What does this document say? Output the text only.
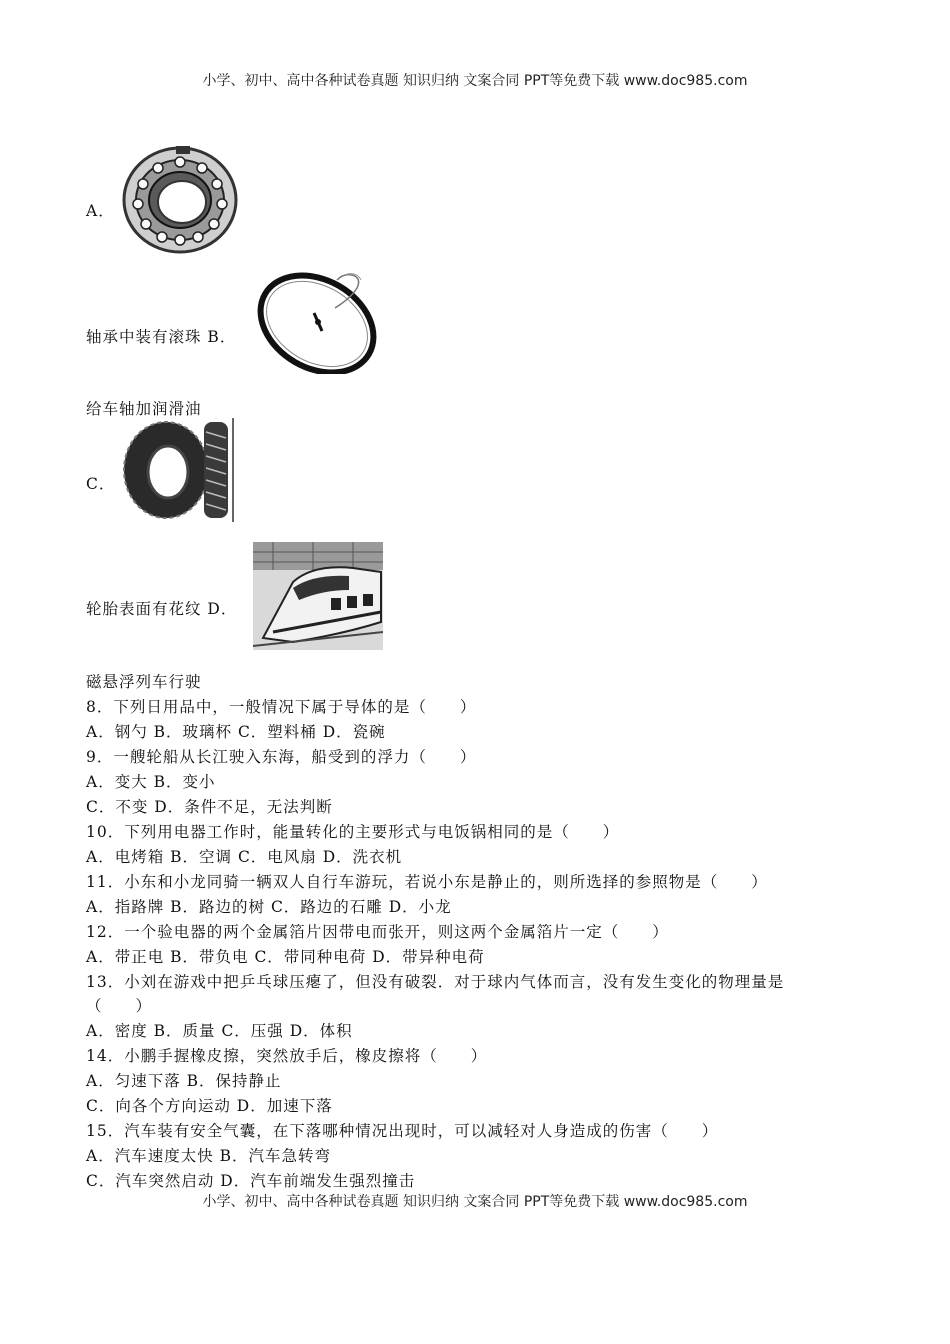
小学、初中、高中各种试卷真题 知识归纳 文案合同 PPT等免费下载 www.doc985.com
A．
轴承中装有滚珠 B．
给车轴加润滑油
C．
轮胎表面有花纹 D．
磁悬浮列车行驶
8．下列日用品中，一般情况下属于导体的是（　　）
A．钢勺 B．玻璃杯 C．塑料桶 D．瓷碗
9．一艘轮船从长江驶入东海，船受到的浮力（　　）
A．变大 B．变小
C．不变 D．条件不足，无法判断
10．下列用电器工作时，能量转化的主要形式与电饭锅相同的是（　　）
A．电烤箱 B．空调 C．电风扇 D．洗衣机
11．小东和小龙同骑一辆双人自行车游玩，若说小东是静止的，则所选择的参照物是（　　）
A．指路牌 B．路边的树 C．路边的石雕 D．小龙
12．一个验电器的两个金属箔片因带电而张开，则这两个金属箔片一定（　　）
A．带正电 B．带负电 C．带同种电荷 D．带异种电荷
13．小刘在游戏中把乒乓球压瘪了，但没有破裂．对于球内气体而言，没有发生变化的物理量是
（　　）
A．密度 B．质量 C．压强 D．体积
14．小鹏手握橡皮擦，突然放手后，橡皮擦将（　　）
A．匀速下落 B．保持静止
C．向各个方向运动 D．加速下落
15．汽车装有安全气囊，在下落哪种情况出现时，可以减轻对人身造成的伤害（　　）
A．汽车速度太快 B．汽车急转弯
C．汽车突然启动 D．汽车前端发生强烈撞击
小学、初中、高中各种试卷真题 知识归纳 文案合同 PPT等免费下载 www.doc985.com
